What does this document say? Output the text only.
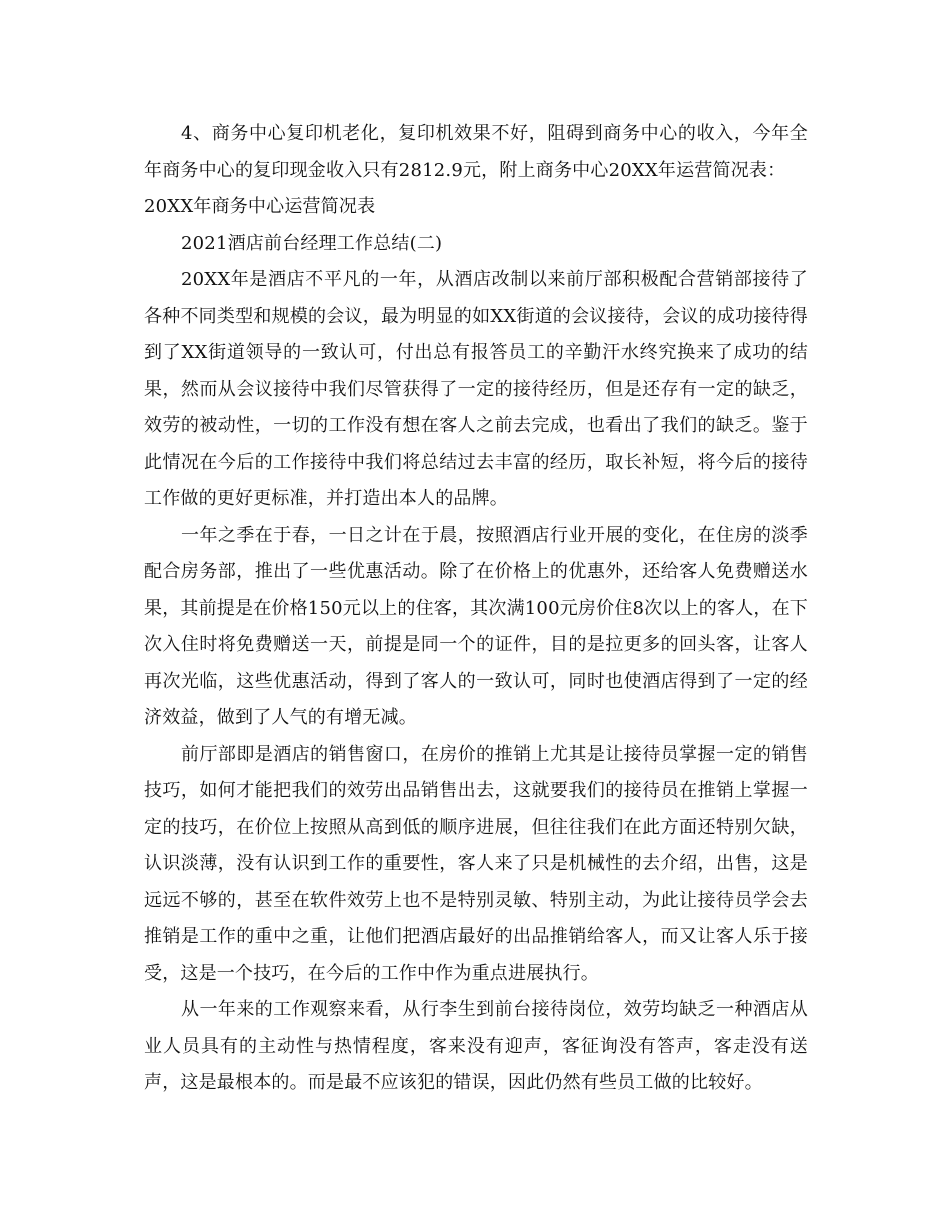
4、商务中心复印机老化，复印机效果不好，阻碍到商务中心的收入，今年全年商务中心的复印现金收入只有2812.9元，附上商务中心20XX年运营简况表：

20XX年商务中心运营简况表

2021酒店前台经理工作总结(二)

20XX年是酒店不平凡的一年，从酒店改制以来前厅部积极配合营销部接待了各种不同类型和规模的会议，最为明显的如XX街道的会议接待，会议的成功接待得到了XX街道领导的一致认可，付出总有报答员工的辛勤汗水终究换来了成功的结果，然而从会议接待中我们尽管获得了一定的接待经历，但是还存有一定的缺乏，效劳的被动性，一切的工作没有想在客人之前去完成，也看出了我们的缺乏。鉴于此情况在今后的工作接待中我们将总结过去丰富的经历，取长补短，将今后的接待工作做的更好更标准，并打造出本人的品牌。

一年之季在于春，一日之计在于晨，按照酒店行业开展的变化，在住房的淡季配合房务部，推出了一些优惠活动。除了在价格上的优惠外，还给客人免费赠送水果，其前提是在价格150元以上的住客，其次满100元房价住8次以上的客人，在下次入住时将免费赠送一天，前提是同一个的证件，目的是拉更多的回头客，让客人再次光临，这些优惠活动，得到了客人的一致认可，同时也使酒店得到了一定的经济效益，做到了人气的有增无减。

前厅部即是酒店的销售窗口，在房价的推销上尤其是让接待员掌握一定的销售技巧，如何才能把我们的效劳出品销售出去，这就要我们的接待员在推销上掌握一定的技巧，在价位上按照从高到低的顺序进展，但往往我们在此方面还特别欠缺，认识淡薄，没有认识到工作的重要性，客人来了只是机械性的去介绍，出售，这是远远不够的，甚至在软件效劳上也不是特别灵敏、特别主动，为此让接待员学会去推销是工作的重中之重，让他们把酒店最好的出品推销给客人，而又让客人乐于接受，这是一个技巧，在今后的工作中作为重点进展执行。

从一年来的工作观察来看，从行李生到前台接待岗位，效劳均缺乏一种酒店从业人员具有的主动性与热情程度，客来没有迎声，客征询没有答声，客走没有送声，这是最根本的。而是最不应该犯的错误，因此仍然有些员工做的比较好。
